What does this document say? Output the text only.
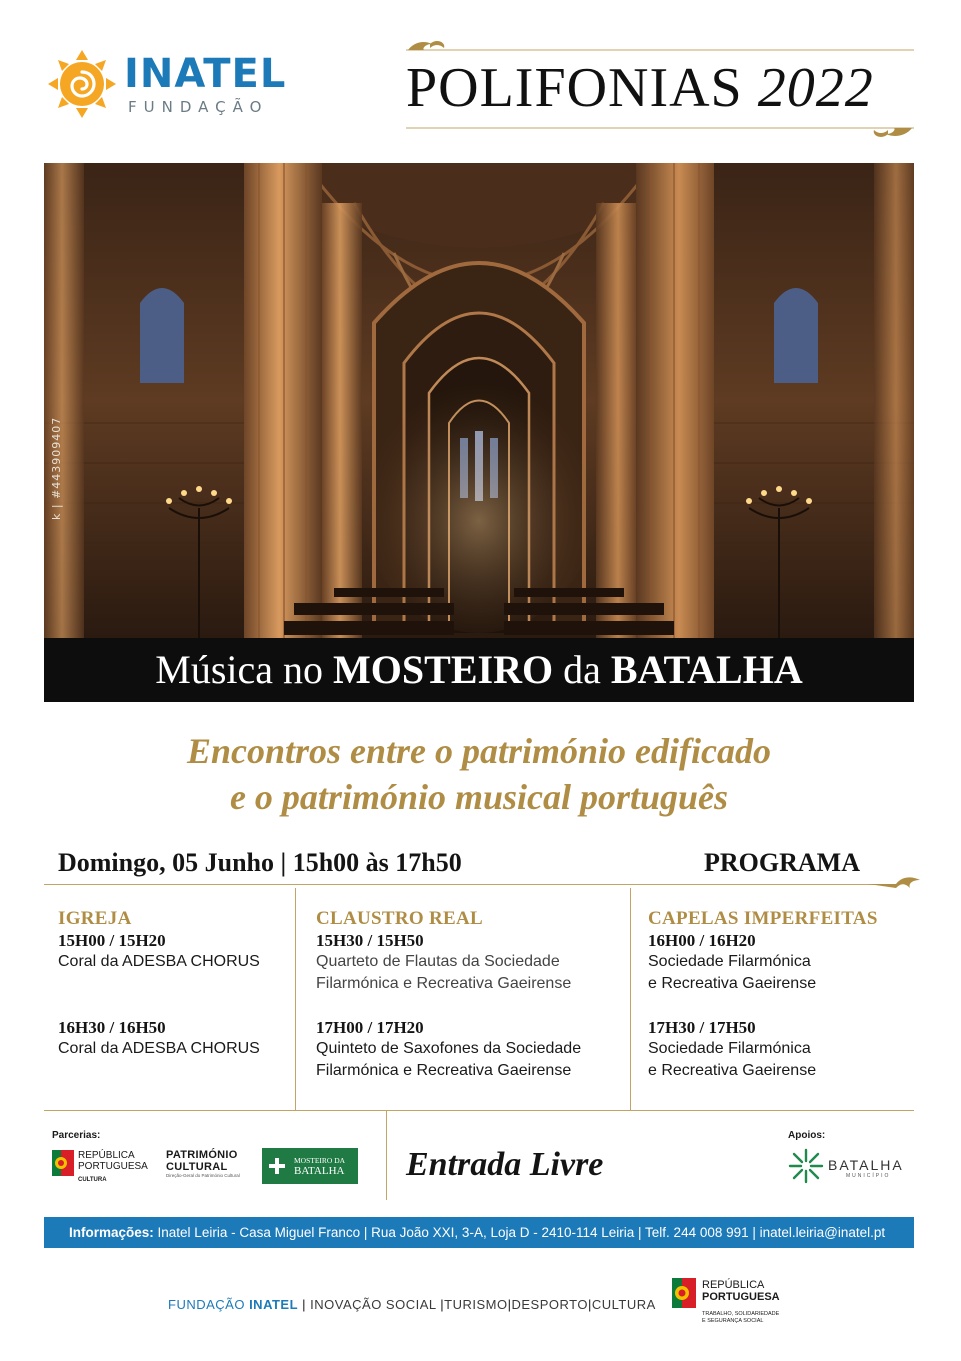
INATEL
FUNDAÇÃO POLIFONIAS 2022
k | #443909407
Música no MOSTEIRO da BATALHA
Encontros entre o património edificado
e o património musical português
Domingo, 05 Junho | 15h00 às 17h50	PROGRAMA
IGREJA
15H00 / 15H20
Coral da ADESBA CHORUS
16H30 / 16H50
Coral da ADESBA CHORUS
CLAUSTRO REAL
15H30 / 15H50
Quarteto de Flautas da Sociedade
Filarmónica e Recreativa Gaeirense
17H00 / 17H20
Quinteto de Saxofones da Sociedade
Filarmónica e Recreativa Gaeirense
CAPELAS IMPERFEITAS
16H00 / 16H20
Sociedade Filarmónica
e Recreativa Gaeirense
17H30 / 17H50
Sociedade Filarmónica
e Recreativa Gaeirense
Parcerias:
REPÚBLICA
PORTUGUESA
CULTURA
PATRIMÓNIO
CULTURAL
Direção-Geral do Património Cultural
MOSTEIRO DA
BATALHA Entrada Livre
Apoios:
BATALHA
MUNICÍPIO
Informações: Inatel Leiria - Casa Miguel Franco | Rua João XXI, 3-A, Loja D - 2410-114 Leiria | Telf. 244 008 991 | inatel.leiria@inatel.pt
FUNDAÇÃO INATEL | INOVAÇÃO SOCIAL |TURISMO|DESPORTO|CULTURA
REPÚBLICA
PORTUGUESA
TRABALHO, SOLIDARIEDADE
E SEGURANÇA SOCIAL
